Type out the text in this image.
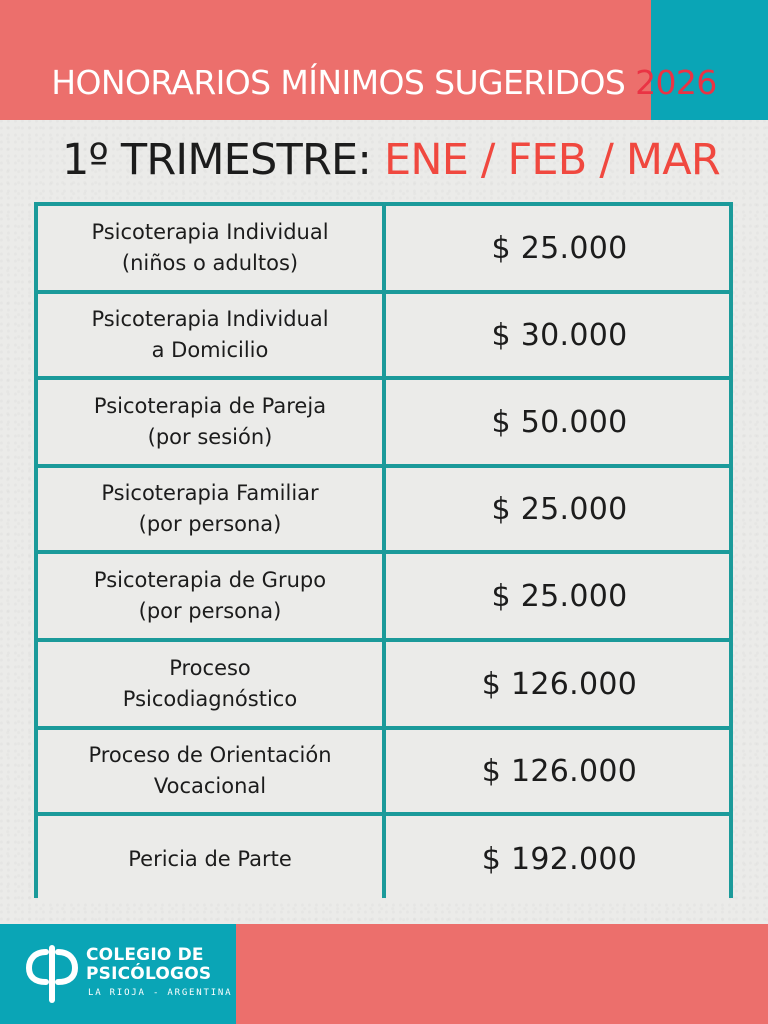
HONORARIOS MÍNIMOS SUGERIDOS 2026
1º TRIMESTRE: ENE / FEB / MAR
Psicoterapia Individual
(niños o adultos)	$ 25.000
Psicoterapia Individual
a Domicilio	$ 30.000
Psicoterapia de Pareja
(por sesión)	$ 50.000
Psicoterapia Familiar
(por persona)	$ 25.000
Psicoterapia de Grupo
(por persona)	$ 25.000
Proceso
Psicodiagnóstico	$ 126.000
Proceso de Orientación
Vocacional	$ 126.000
Pericia de Parte	$ 192.000
COLEGIO DE
PSICÓLOGOS
LA RIOJA - ARGENTINA
